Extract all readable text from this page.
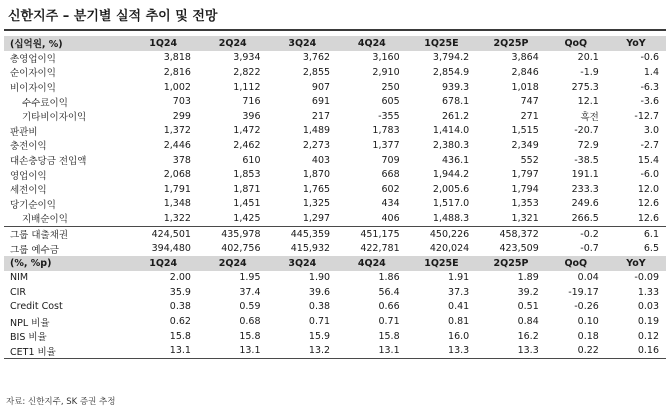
신한지주 – 분기별 실적 추이 및 전망
(십억원, %)	1Q24	2Q24	3Q24	4Q24	1Q25E	2Q25P	QoQ	YoY
총영업이익	3,818	3,934	3,762	3,160	3,794.2	3,864	20.1	-0.6
순이자이익	2,816	2,822	2,855	2,910	2,854.9	2,846	-1.9	1.4
비이자이익	1,002	1,112	907	250	939.3	1,018	275.3	-6.3
수수료이익	703	716	691	605	678.1	747	12.1	-3.6
기타비이자이익	299	396	217	-355	261.2	271	흑전	-12.7
판관비	1,372	1,472	1,489	1,783	1,414.0	1,515	-20.7	3.0
충전이익	2,446	2,462	2,273	1,377	2,380.3	2,349	72.9	-2.7
대손충당금 전입액	378	610	403	709	436.1	552	-38.5	15.4
영업이익	2,068	1,853	1,870	668	1,944.2	1,797	191.1	-6.0
세전이익	1,791	1,871	1,765	602	2,005.6	1,794	233.3	12.0
당기순이익	1,348	1,451	1,325	434	1,517.0	1,353	249.6	12.6
지배순이익	1,322	1,425	1,297	406	1,488.3	1,321	266.5	12.6
그룹 대출채권	424,501	435,978	445,359	451,175	450,226	458,372	-0.2	6.1
그룹 예수금	394,480	402,756	415,932	422,781	420,024	423,509	-0.7	6.5
(%, %p)	1Q24	2Q24	3Q24	4Q24	1Q25E	2Q25P	QoQ	YoY
NIM	2.00	1.95	1.90	1.86	1.91	1.89	0.04	-0.09
CIR	35.9	37.4	39.6	56.4	37.3	39.2	-19.17	1.33
Credit Cost	0.38	0.59	0.38	0.66	0.41	0.51	-0.26	0.03
NPL 비율	0.62	0.68	0.71	0.71	0.81	0.84	0.10	0.19
BIS 비율	15.8	15.8	15.9	15.8	16.0	16.2	0.18	0.12
CET1 비율	13.1	13.1	13.2	13.1	13.3	13.3	0.22	0.16
자료: 신한지주, SK 증권 추정
